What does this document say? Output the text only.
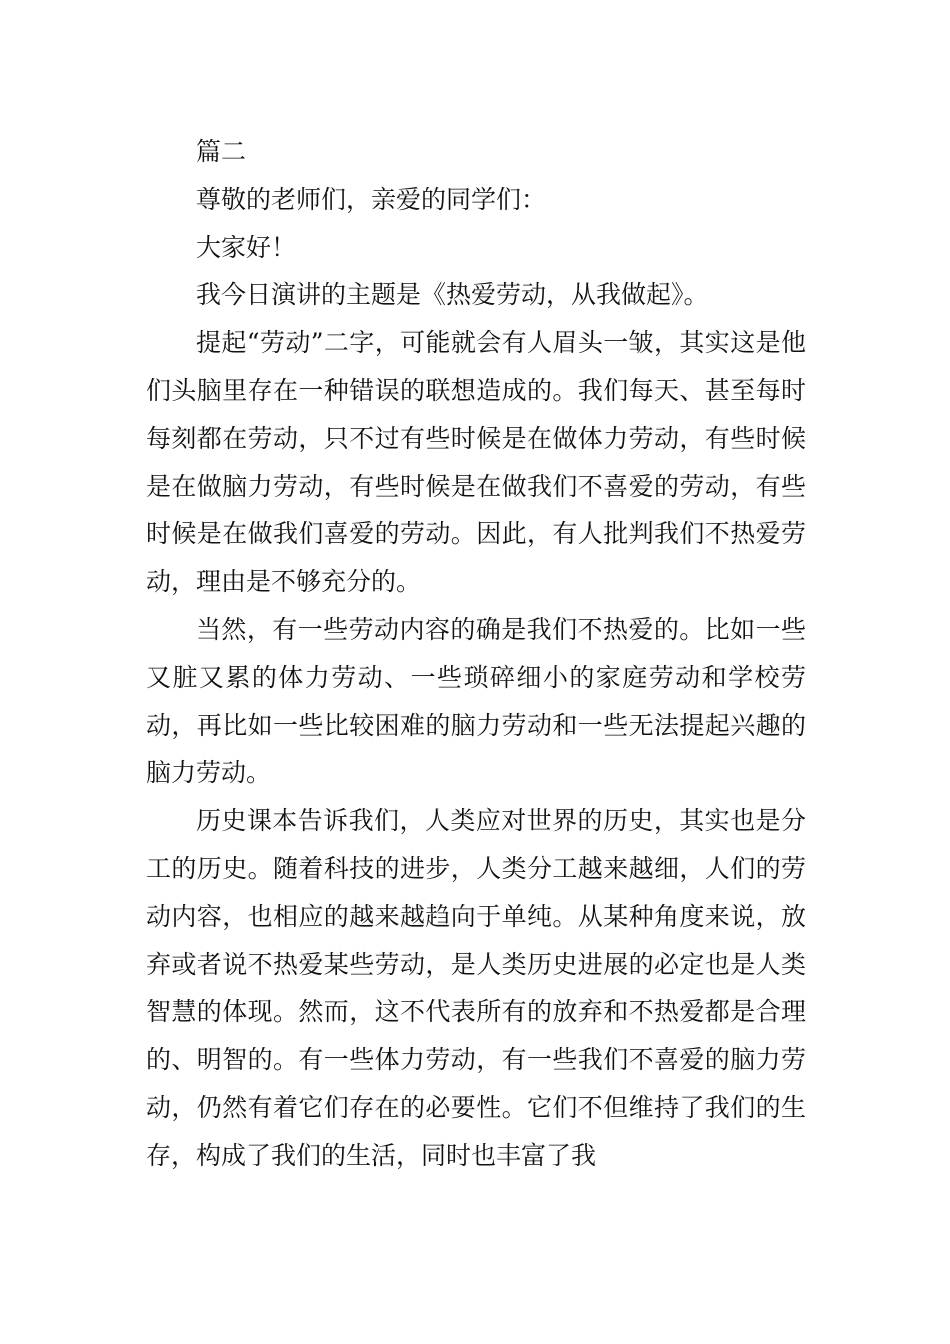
篇二

尊敬的老师们，亲爱的同学们：

大家好！

我今日演讲的主题是《热爱劳动，从我做起》。

提起“劳动”二字，可能就会有人眉头一皱，其实这是他们头脑里存在一种错误的联想造成的。我们每天、甚至每时每刻都在劳动，只不过有些时候是在做体力劳动，有些时候是在做脑力劳动，有些时候是在做我们不喜爱的劳动，有些时候是在做我们喜爱的劳动。因此，有人批判我们不热爱劳动，理由是不够充分的。

当然，有一些劳动内容的确是我们不热爱的。比如一些又脏又累的体力劳动、一些琐碎细小的家庭劳动和学校劳动，再比如一些比较困难的脑力劳动和一些无法提起兴趣的脑力劳动。

历史课本告诉我们，人类应对世界的历史，其实也是分工的历史。随着科技的进步，人类分工越来越细，人们的劳动内容，也相应的越来越趋向于单纯。从某种角度来说，放弃或者说不热爱某些劳动，是人类历史进展的必定也是人类智慧的体现。然而，这不代表所有的放弃和不热爱都是合理的、明智的。有一些体力劳动，有一些我们不喜爱的脑力劳动，仍然有着它们存在的必要性。它们不但维持了我们的生存，构成了我们的生活，同时也丰富了我
